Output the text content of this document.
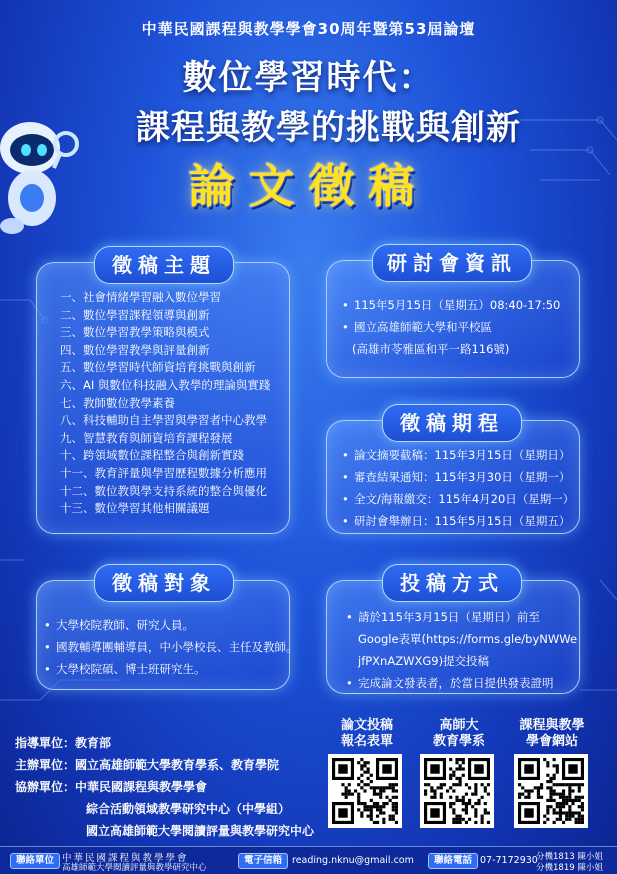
中華民國課程與教學學會30周年暨第53屆論壇
數位學習時代：
課程與教學的挑戰與創新
論文徵稿
徵稿主題
一、社會情緒學習融入數位學習
二、數位學習課程領導與創新
三、數位學習教學策略與模式
四、數位學習教學與評量創新
五、數位學習時代師資培育挑戰與創新
六、AI 與數位科技融入教學的理論與實踐
七、教師數位教學素養
八、科技輔助自主學習與學習者中心教學
九、智慧教育與師資培育課程發展
十、跨領域數位課程整合與創新實踐
十一、教育評量與學習歷程數據分析應用
十二、數位教與學支持系統的整合與優化
十三、數位學習其他相關議題
研討會資訊
• 115年5月15日（星期五）08:40-17:50
• 國立高雄師範大學和平校區
(高雄市苓雅區和平一路116號)
徵稿期程
• 論文摘要截稿：115年3月15日（星期日）
• 審查結果通知：115年3月30日（星期一）
• 全文/海報繳交：115年4月20日（星期一）
• 研討會舉辦日：115年5月15日（星期五）
徵稿對象
• 大學校院教師、研究人員。
• 國教輔導團輔導員，中小學校長、主任及教師。
• 大學校院碩、博士班研究生。
投稿方式
• 請於115年3月15日（星期日）前至
Google表單(https://forms.gle/byNWWe
jfPXnAZWXG9)提交投稿
• 完成論文發表者，於當日提供發表證明
指導單位：教育部
主辦單位：國立高雄師範大學教育學系、教育學院
協辦單位：中華民國課程與教學學會
綜合活動領域教學研究中心（中學組）
國立高雄師範大學閱讀評量與教學研究中心
論文投稿
報名表單
高師大
教育學系
課程與教學
學會網站
聯絡單位 中華民國課程與教學學會
高雄師範大學閱讀評量與教學研究中心
電子信箱	reading.nknu@gmail.com	聯絡電話 07-7172930
分機1813 陳小姐
分機1819 陳小姐
